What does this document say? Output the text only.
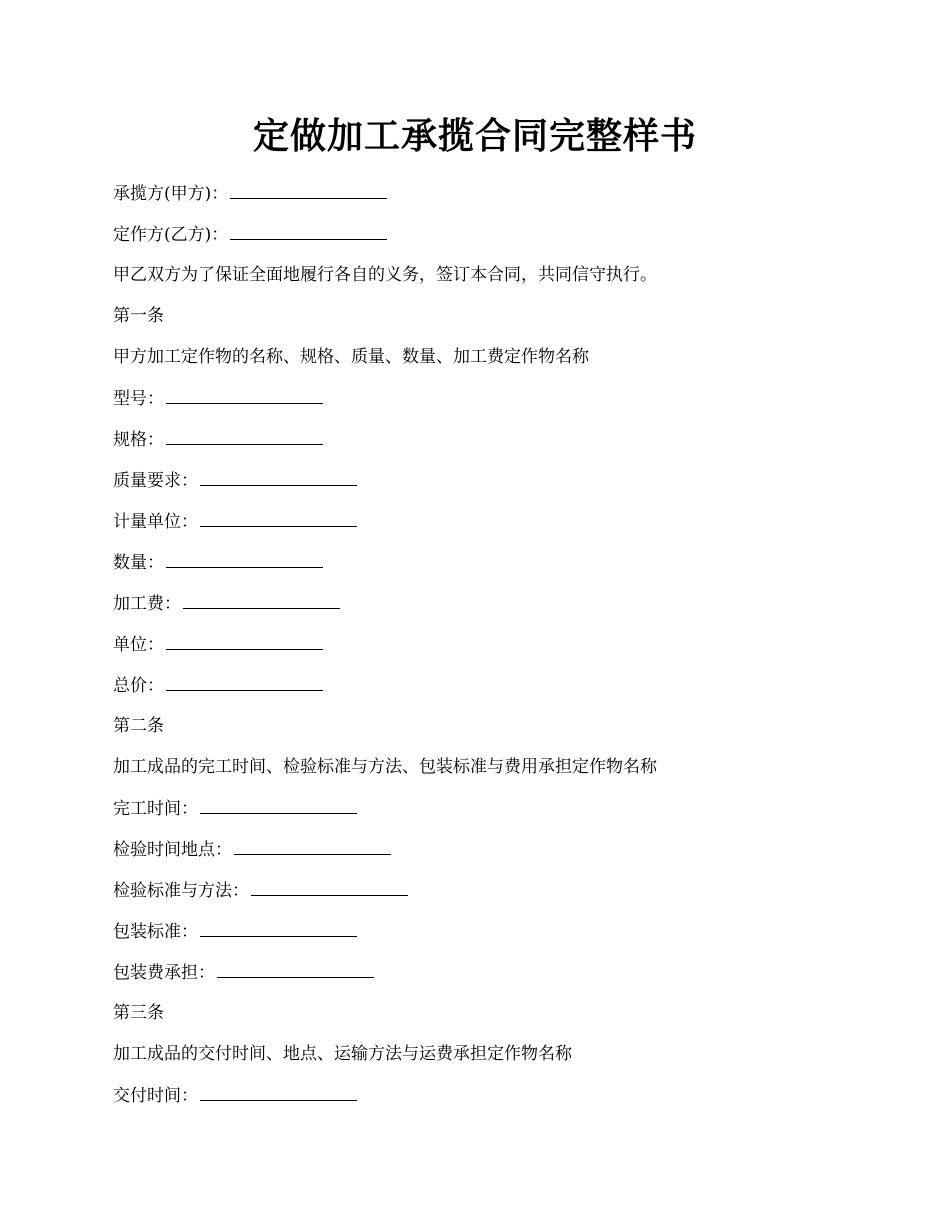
定做加工承揽合同完整样书
承揽方(甲方)：
定作方(乙方)：
甲乙双方为了保证全面地履行各自的义务，签订本合同，共同信守执行。
第一条
甲方加工定作物的名称、规格、质量、数量、加工费定作物名称
型号：
规格：
质量要求：
计量单位：
数量：
加工费：
单位：
总价：
第二条
加工成品的完工时间、检验标准与方法、包装标准与费用承担定作物名称
完工时间：
检验时间地点：
检验标准与方法：
包装标准：
包装费承担：
第三条
加工成品的交付时间、地点、运输方法与运费承担定作物名称
交付时间：
